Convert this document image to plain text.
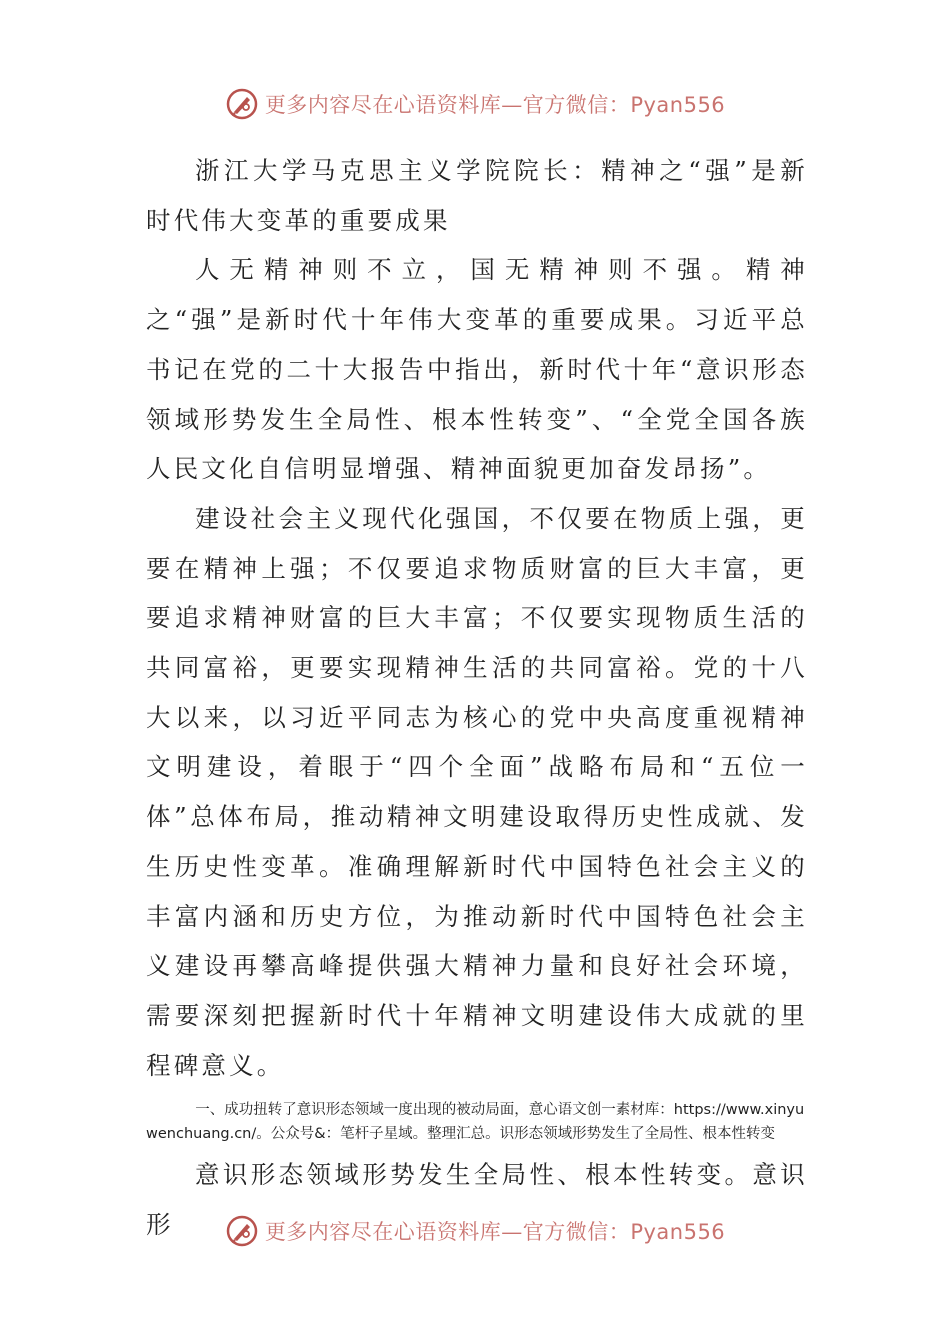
更多内容尽在心语资料库—官方微信：Pyan556

浙江大学马克思主义学院院长：精神之“强”是新时代伟大变革的重要成果

人无精神则不立，国无精神则不强。精神之“强”是新时代十年伟大变革的重要成果。习近平总书记在党的二十大报告中指出，新时代十年“意识形态领域形势发生全局性、根本性转变”、“全党全国各族人民文化自信明显增强、精神面貌更加奋发昂扬”。

建设社会主义现代化强国，不仅要在物质上强，更要在精神上强；不仅要追求物质财富的巨大丰富，更要追求精神财富的巨大丰富；不仅要实现物质生活的共同富裕，更要实现精神生活的共同富裕。党的十八大以来，以习近平同志为核心的党中央高度重视精神文明建设，着眼于“四个全面”战略布局和“五位一体”总体布局，推动精神文明建设取得历史性成就、发生历史性变革。准确理解新时代中国特色社会主义的丰富内涵和历史方位，为推动新时代中国特色社会主义建设再攀高峰提供强大精神力量和良好社会环境，需要深刻把握新时代十年精神文明建设伟大成就的里程碑意义。

一、成功扭转了意识形态领域一度出现的被动局面，意心语文创一素材库：https://www.xinyuwenchuang.cn/。公众号&：笔杆子星域。整理汇总。识形态领域形势发生了全局性、根本性转变

意识形态领域形势发生全局性、根本性转变。意识形	更多内容尽在心语资料库—官方微信：Pyan556
